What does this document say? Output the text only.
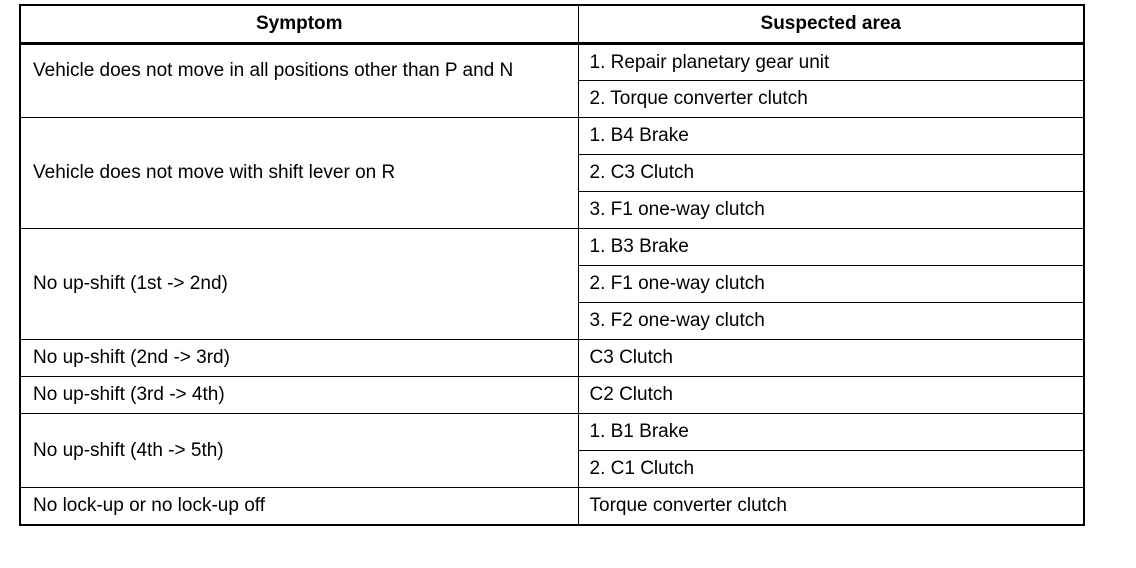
Symptom	Suspected area
Vehicle does not move in all positions other than P and N	1. Repair planetary gear unit
	2. Torque converter clutch
Vehicle does not move with shift lever on R	1. B4 Brake
	2. C3 Clutch
	3. F1 one-way clutch
No up-shift (1st -> 2nd)	1. B3 Brake
	2. F1 one-way clutch
	3. F2 one-way clutch
No up-shift (2nd -> 3rd)	C3 Clutch
No up-shift (3rd -> 4th)	C2 Clutch
No up-shift (4th -> 5th)	1. B1 Brake
	2. C1 Clutch
No lock-up or no lock-up off	Torque converter clutch
